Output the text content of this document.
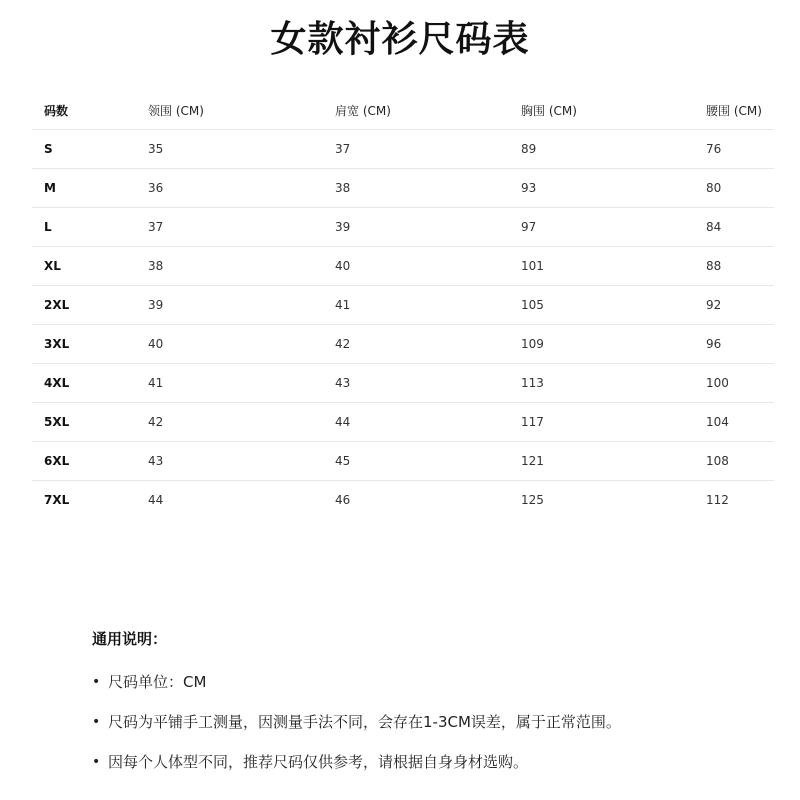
女款衬衫尺码表
码数	领围 (CM)	肩宽 (CM)	胸围 (CM)	腰围 (CM)
S	35	37	89	76
M	36	38	93	80
L	37	39	97	84
XL	38	40	101	88
2XL	39	41	105	92
3XL	40	42	109	96
4XL	41	43	113	100
5XL	42	44	117	104
6XL	43	45	121	108
7XL	44	46	125	112
通用说明：
• 尺码单位：CM
• 尺码为平铺手工测量，因测量手法不同，会存在1-3CM误差，属于正常范围。
• 因每个人体型不同，推荐尺码仅供参考，请根据自身身材选购。
